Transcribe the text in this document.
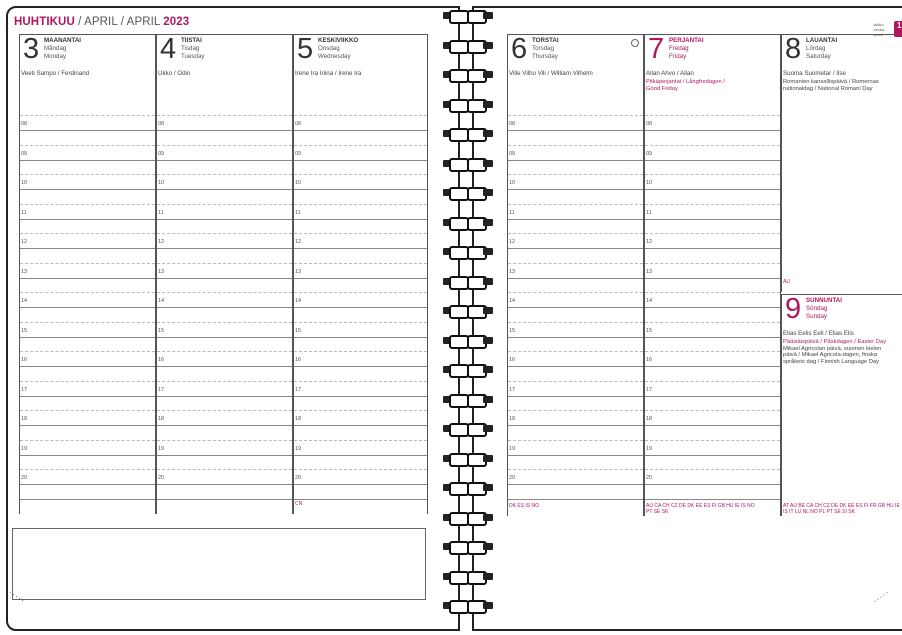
HUHTIKUU / APRIL / APRIL 2023
3 MAANANTAI
Måndag
Monday
Veeti Sampo / Ferdinand
08
09
10
11
12
13
14
15
16
17
18
19
20
4 TIISTAI
Tisdag
Tuesday
Ukko / Odin
08
09
10
11
12
13
14
15
16
17
18
19
20
5 KESKIVIIKKO
Onsdag
Wednesday
Irene Ira Iriina / Irene Ira
08
09
10
11
12
13
14
15
16
17
18
19
20
CN
6 TORSTAI
Torsdag
Thursday
Ville Vilho Vili / William Vilhelm
08
09
10
11
12
13
14
15
16
17
18
19
20
DK ES IS NO
7 PERJANTAI
Fredag
Friday
Allan Ahvo / Allan
Pitkäperjantai / Långfredagen /
Good Friday
08
09
10
11
12
13
14
15
16
17
18
19
20
AU CA CH CZ DE DK EE ES FI GB HU IE IS NO
PT SE SK
8 LAUANTAI
Lördag
Saturday
Suoma Suometar / Ilse
Romanien kansallispäivä / Romernas
nationaldag / National Romani Day
AU
9 SUNNUNTAI
Söndag
Sunday
Elias Eelis Eeli / Elias Elis
Pääsiäispäivä / Påskdagen / Easter Day
Mikael Agricolan päivä, suomen kielen
päivä / Mikael Agricola-dagen, finska
språkets dag / Finnish Language Day
AT AU BE CA CH CZ DE DK EE ES FI FR GB HU IE
IS IT LU NL NO PL PT SE SI SK
1
viikko
vecka
week
·····	·····
